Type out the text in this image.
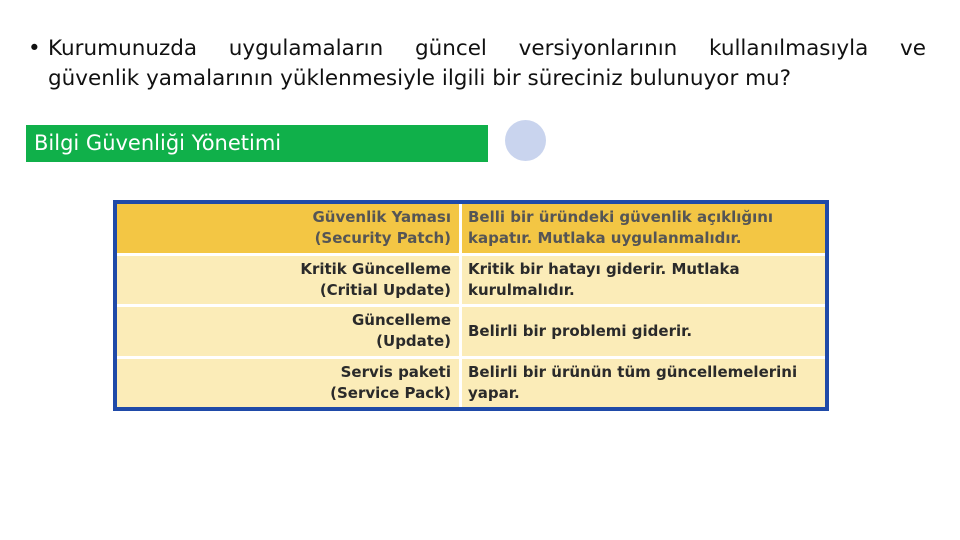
• Kurumunuzda uygulamaların güncel versiyonlarının kullanılmasıyla ve
güvenlik yamalarının yüklenmesiyle ilgili bir süreciniz bulunuyor mu?
Bilgi Güvenliği Yönetimi
Güvenlik Yaması
(Security Patch)
Belli bir üründeki güvenlik açıklığını
kapatır. Mutlaka uygulanmalıdır.
Kritik Güncelleme
(Critial Update)
Kritik bir hatayı giderir. Mutlaka
kurulmalıdır.
Güncelleme
(Update)
Belirli bir problemi giderir.
Servis paketi
(Service Pack)
Belirli bir ürünün tüm güncellemelerini
yapar.
